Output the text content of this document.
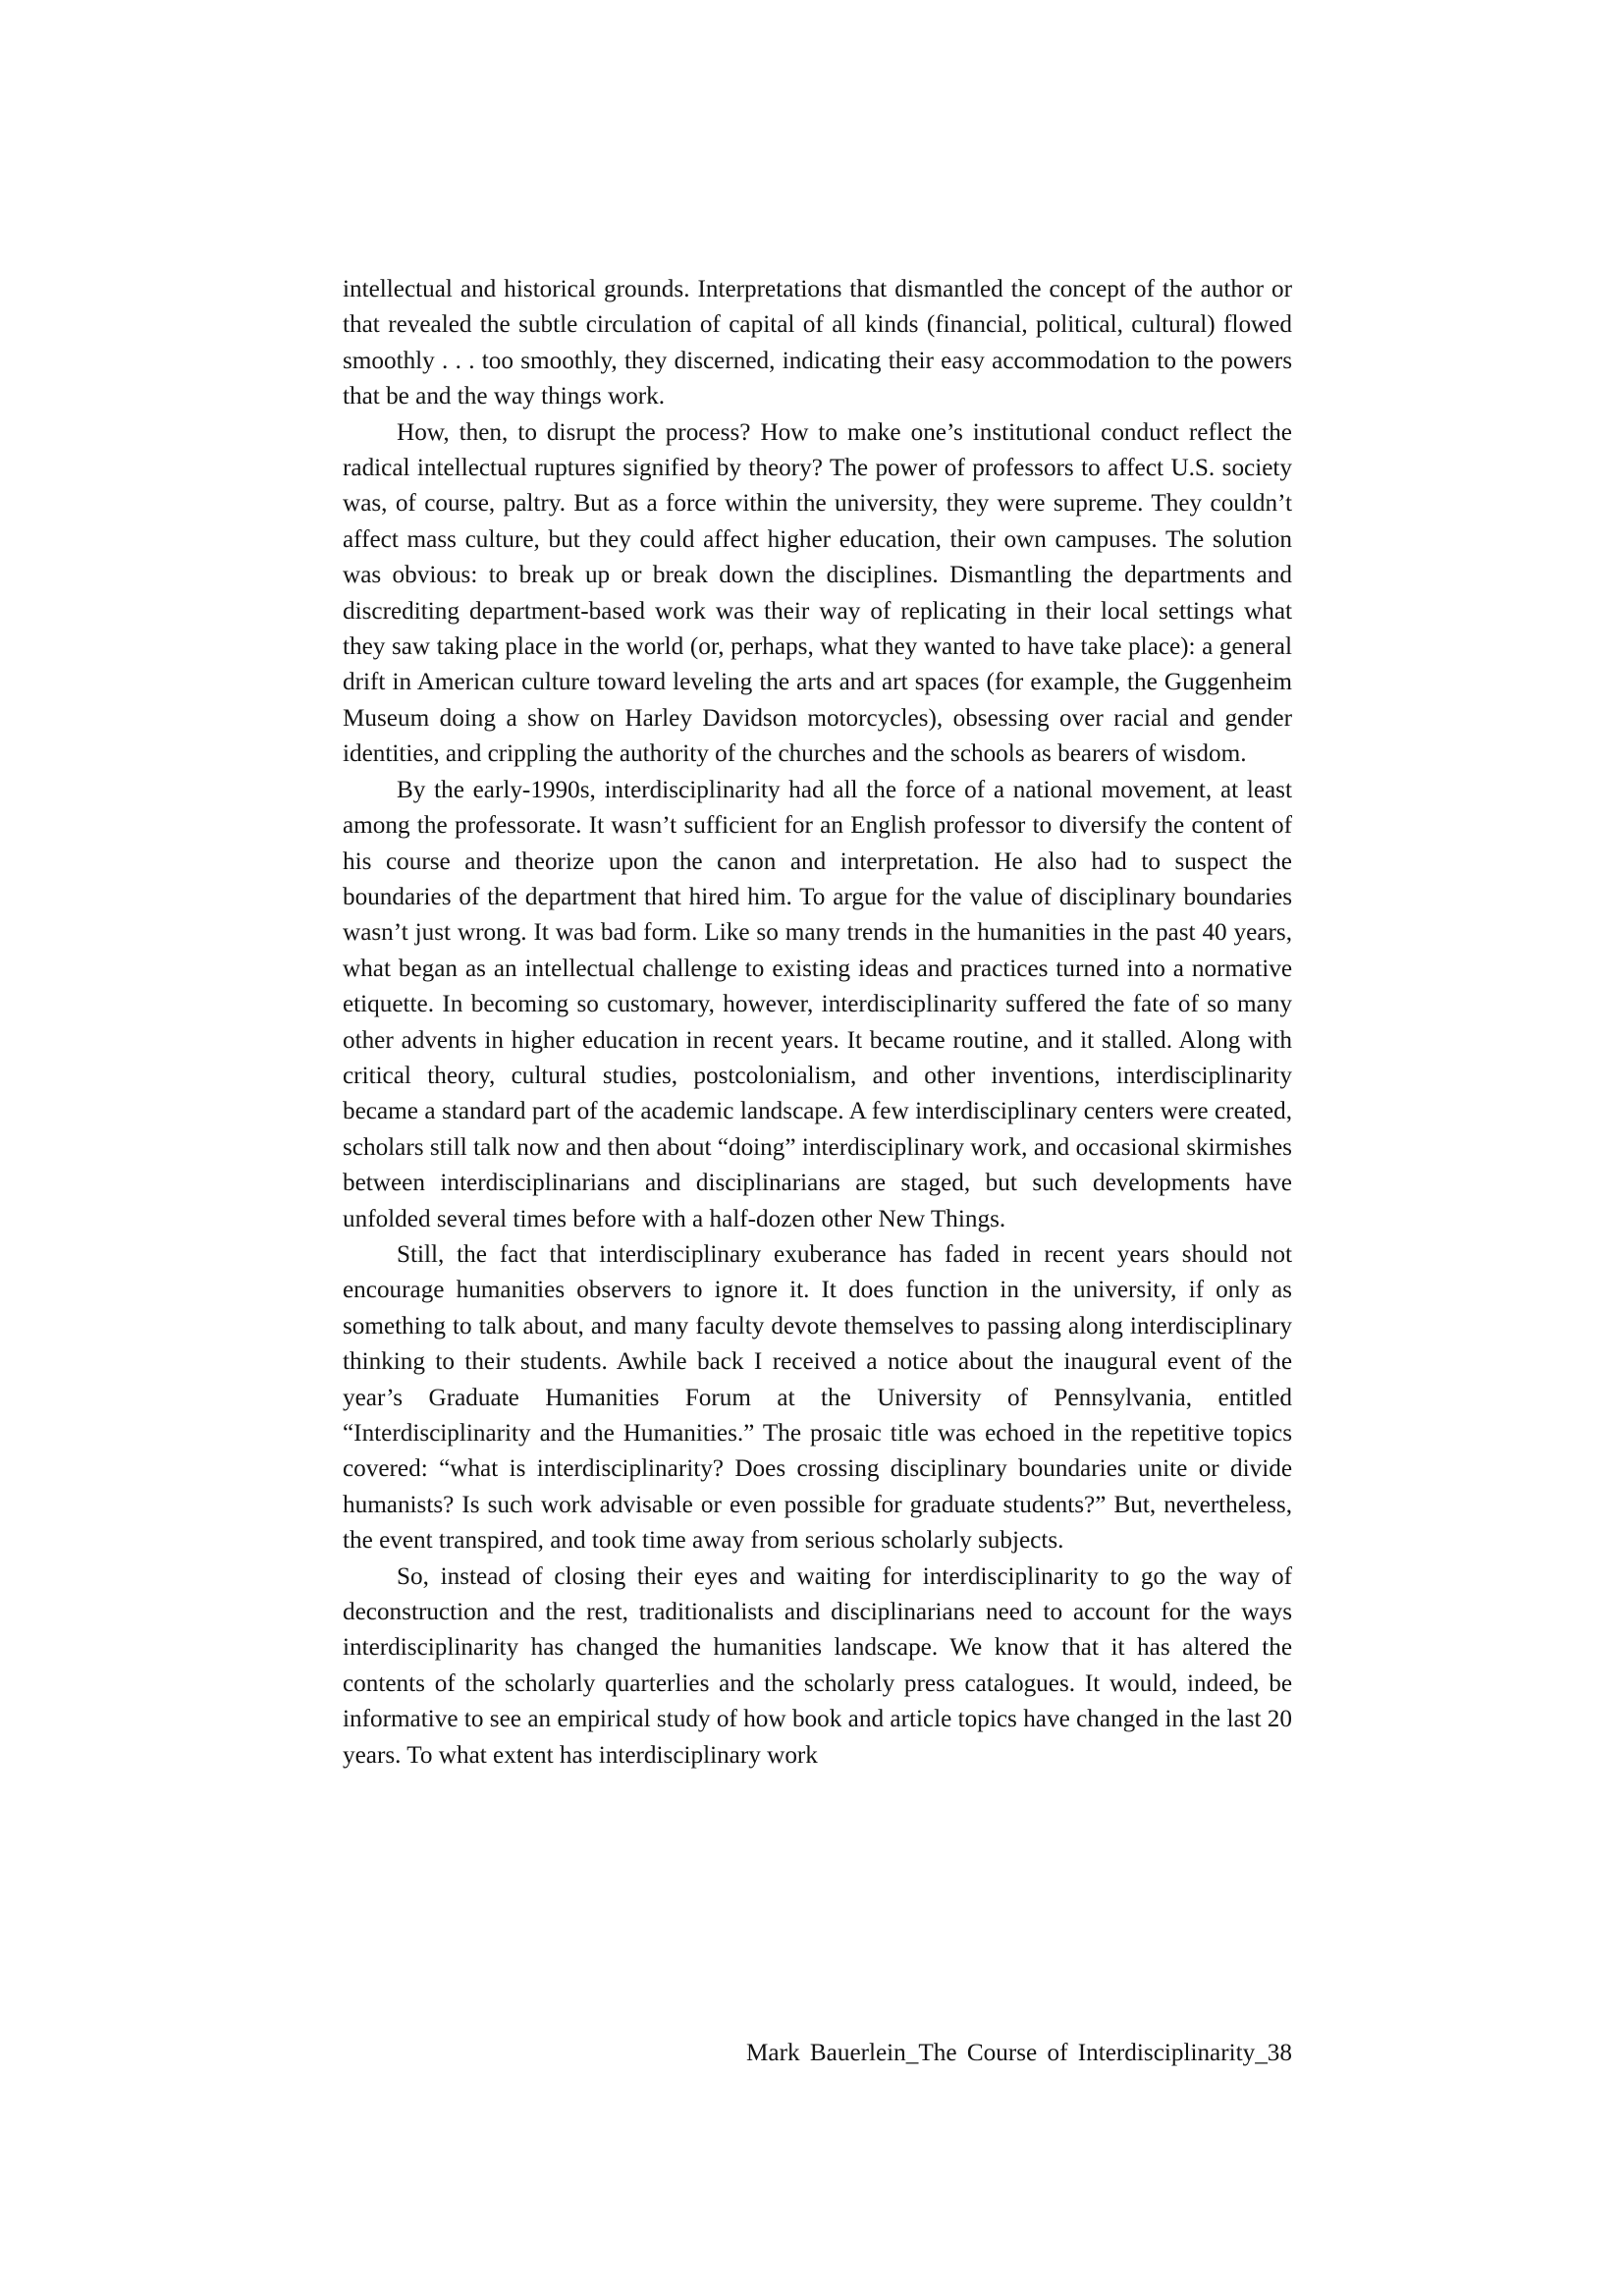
intellectual and historical grounds. Interpretations that dismantled the concept of the author or that revealed the subtle circulation of capital of all kinds (financial, political, cultural) flowed smoothly . . . too smoothly, they discerned, indicating their easy accommodation to the powers that be and the way things work.

How, then, to disrupt the process? How to make one’s institutional conduct reflect the radical intellectual ruptures signified by theory? The power of professors to affect U.S. society was, of course, paltry. But as a force within the university, they were supreme. They couldn’t affect mass culture, but they could affect higher education, their own campuses. The solution was obvious: to break up or break down the disciplines. Dismantling the departments and discrediting department-based work was their way of replicating in their local settings what they saw taking place in the world (or, perhaps, what they wanted to have take place): a general drift in American culture toward leveling the arts and art spaces (for example, the Guggenheim Museum doing a show on Harley Davidson motorcycles), obsessing over racial and gender identities, and crippling the authority of the churches and the schools as bearers of wisdom.

By the early-1990s, interdisciplinarity had all the force of a national movement, at least among the professorate. It wasn’t sufficient for an English professor to diversify the content of his course and theorize upon the canon and interpretation. He also had to suspect the boundaries of the department that hired him. To argue for the value of disciplinary boundaries wasn’t just wrong. It was bad form. Like so many trends in the humanities in the past 40 years, what began as an intellectual challenge to existing ideas and practices turned into a normative etiquette. In becoming so customary, however, interdisciplinarity suffered the fate of so many other advents in higher education in recent years. It became routine, and it stalled. Along with critical theory, cultural studies, postcolonialism, and other inventions, interdisciplinarity became a standard part of the academic landscape. A few interdisciplinary centers were created, scholars still talk now and then about “doing” interdisciplinary work, and occasional skirmishes between interdisciplinarians and disciplinarians are staged, but such developments have unfolded several times before with a half-dozen other New Things.

Still, the fact that interdisciplinary exuberance has faded in recent years should not encourage humanities observers to ignore it. It does function in the university, if only as something to talk about, and many faculty devote themselves to passing along interdisciplinary thinking to their students. Awhile back I received a notice about the inaugural event of the year’s Graduate Humanities Forum at the University of Pennsylvania, entitled “Interdisciplinarity and the Humanities.” The prosaic title was echoed in the repetitive topics covered: “what is interdisciplinarity? Does crossing disciplinary boundaries unite or divide humanists? Is such work advisable or even possible for graduate students?” But, nevertheless, the event transpired, and took time away from serious scholarly subjects.

So, instead of closing their eyes and waiting for interdisciplinarity to go the way of deconstruction and the rest, traditionalists and disciplinarians need to account for the ways interdisciplinarity has changed the humanities landscape. We know that it has altered the contents of the scholarly quarterlies and the scholarly press catalogues. It would, indeed, be informative to see an empirical study of how book and article topics have changed in the last 20 years. To what extent has interdisciplinary work

Mark Bauerlein_The Course of Interdisciplinarity_38
